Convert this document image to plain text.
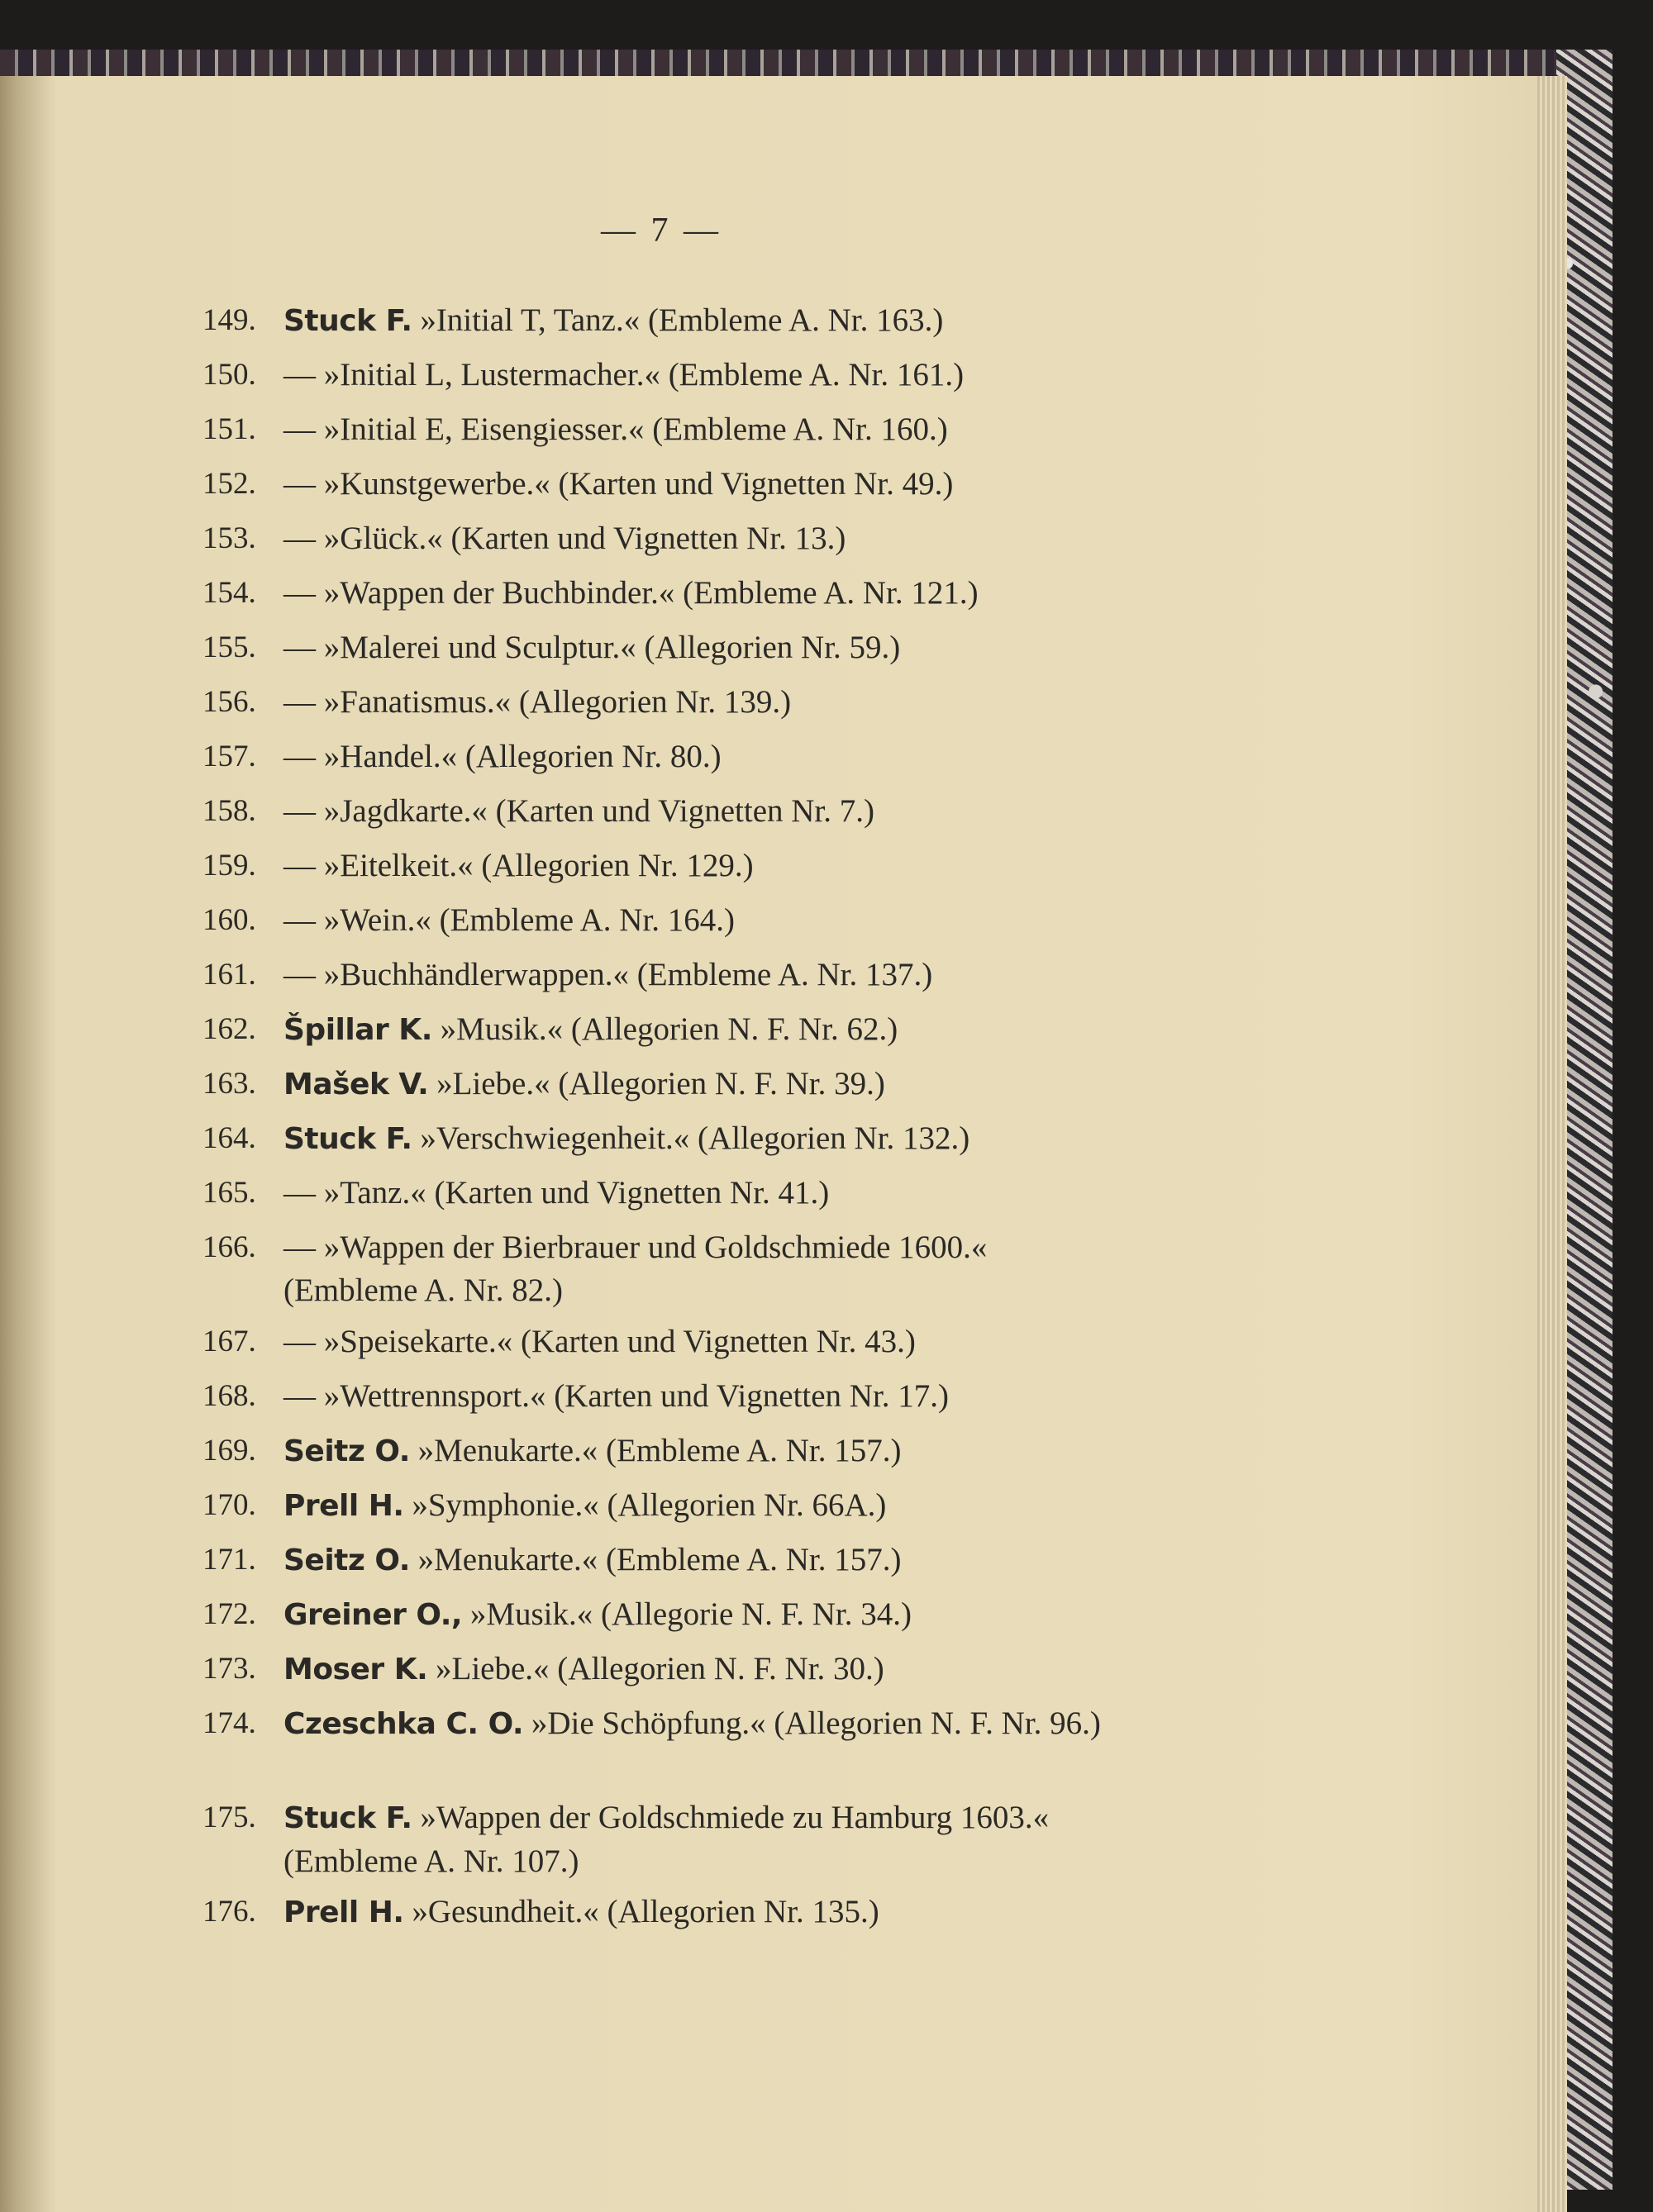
— 7 —
149. Stuck F. »Initial T, Tanz.« (Embleme A. Nr. 163.)
150. — »Initial L, Lustermacher.« (Embleme A. Nr. 161.)
151. — »Initial E, Eisengiesser.« (Embleme A. Nr. 160.)
152. — »Kunstgewerbe.« (Karten und Vignetten Nr. 49.)
153. — »Glück.« (Karten und Vignetten Nr. 13.)
154. — »Wappen der Buchbinder.« (Embleme A. Nr. 121.)
155. — »Malerei und Sculptur.« (Allegorien Nr. 59.)
156. — »Fanatismus.« (Allegorien Nr. 139.)
157. — »Handel.« (Allegorien Nr. 80.)
158. — »Jagdkarte.« (Karten und Vignetten Nr. 7.)
159. — »Eitelkeit.« (Allegorien Nr. 129.)
160. — »Wein.« (Embleme A. Nr. 164.)
161. — »Buchhändlerwappen.« (Embleme A. Nr. 137.)
162. Špillar K. »Musik.« (Allegorien N. F. Nr. 62.)
163. Mašek V. »Liebe.« (Allegorien N. F. Nr. 39.)
164. Stuck F. »Verschwiegenheit.« (Allegorien Nr. 132.)
165. — »Tanz.« (Karten und Vignetten Nr. 41.)
166. — »Wappen der Bierbrauer und Goldschmiede 1600.« (Embleme A. Nr. 82.)
167. — »Speisekarte.« (Karten und Vignetten Nr. 43.)
168. — »Wettrennsport.« (Karten und Vignetten Nr. 17.)
169. Seitz O. »Menukarte.« (Embleme A. Nr. 157.)
170. Prell H. »Symphonie.« (Allegorien Nr. 66A.)
171. Seitz O. »Menukarte.« (Embleme A. Nr. 157.)
172. Greiner O., »Musik.« (Allegorie N. F. Nr. 34.)
173. Moser K. »Liebe.« (Allegorien N. F. Nr. 30.)
174. Czeschka C. O. »Die Schöpfung.« (Allegorien N. F. Nr. 96.)
175. Stuck F. »Wappen der Goldschmiede zu Hamburg 1603.« (Embleme A. Nr. 107.)
176. Prell H. »Gesundheit.« (Allegorien Nr. 135.)
